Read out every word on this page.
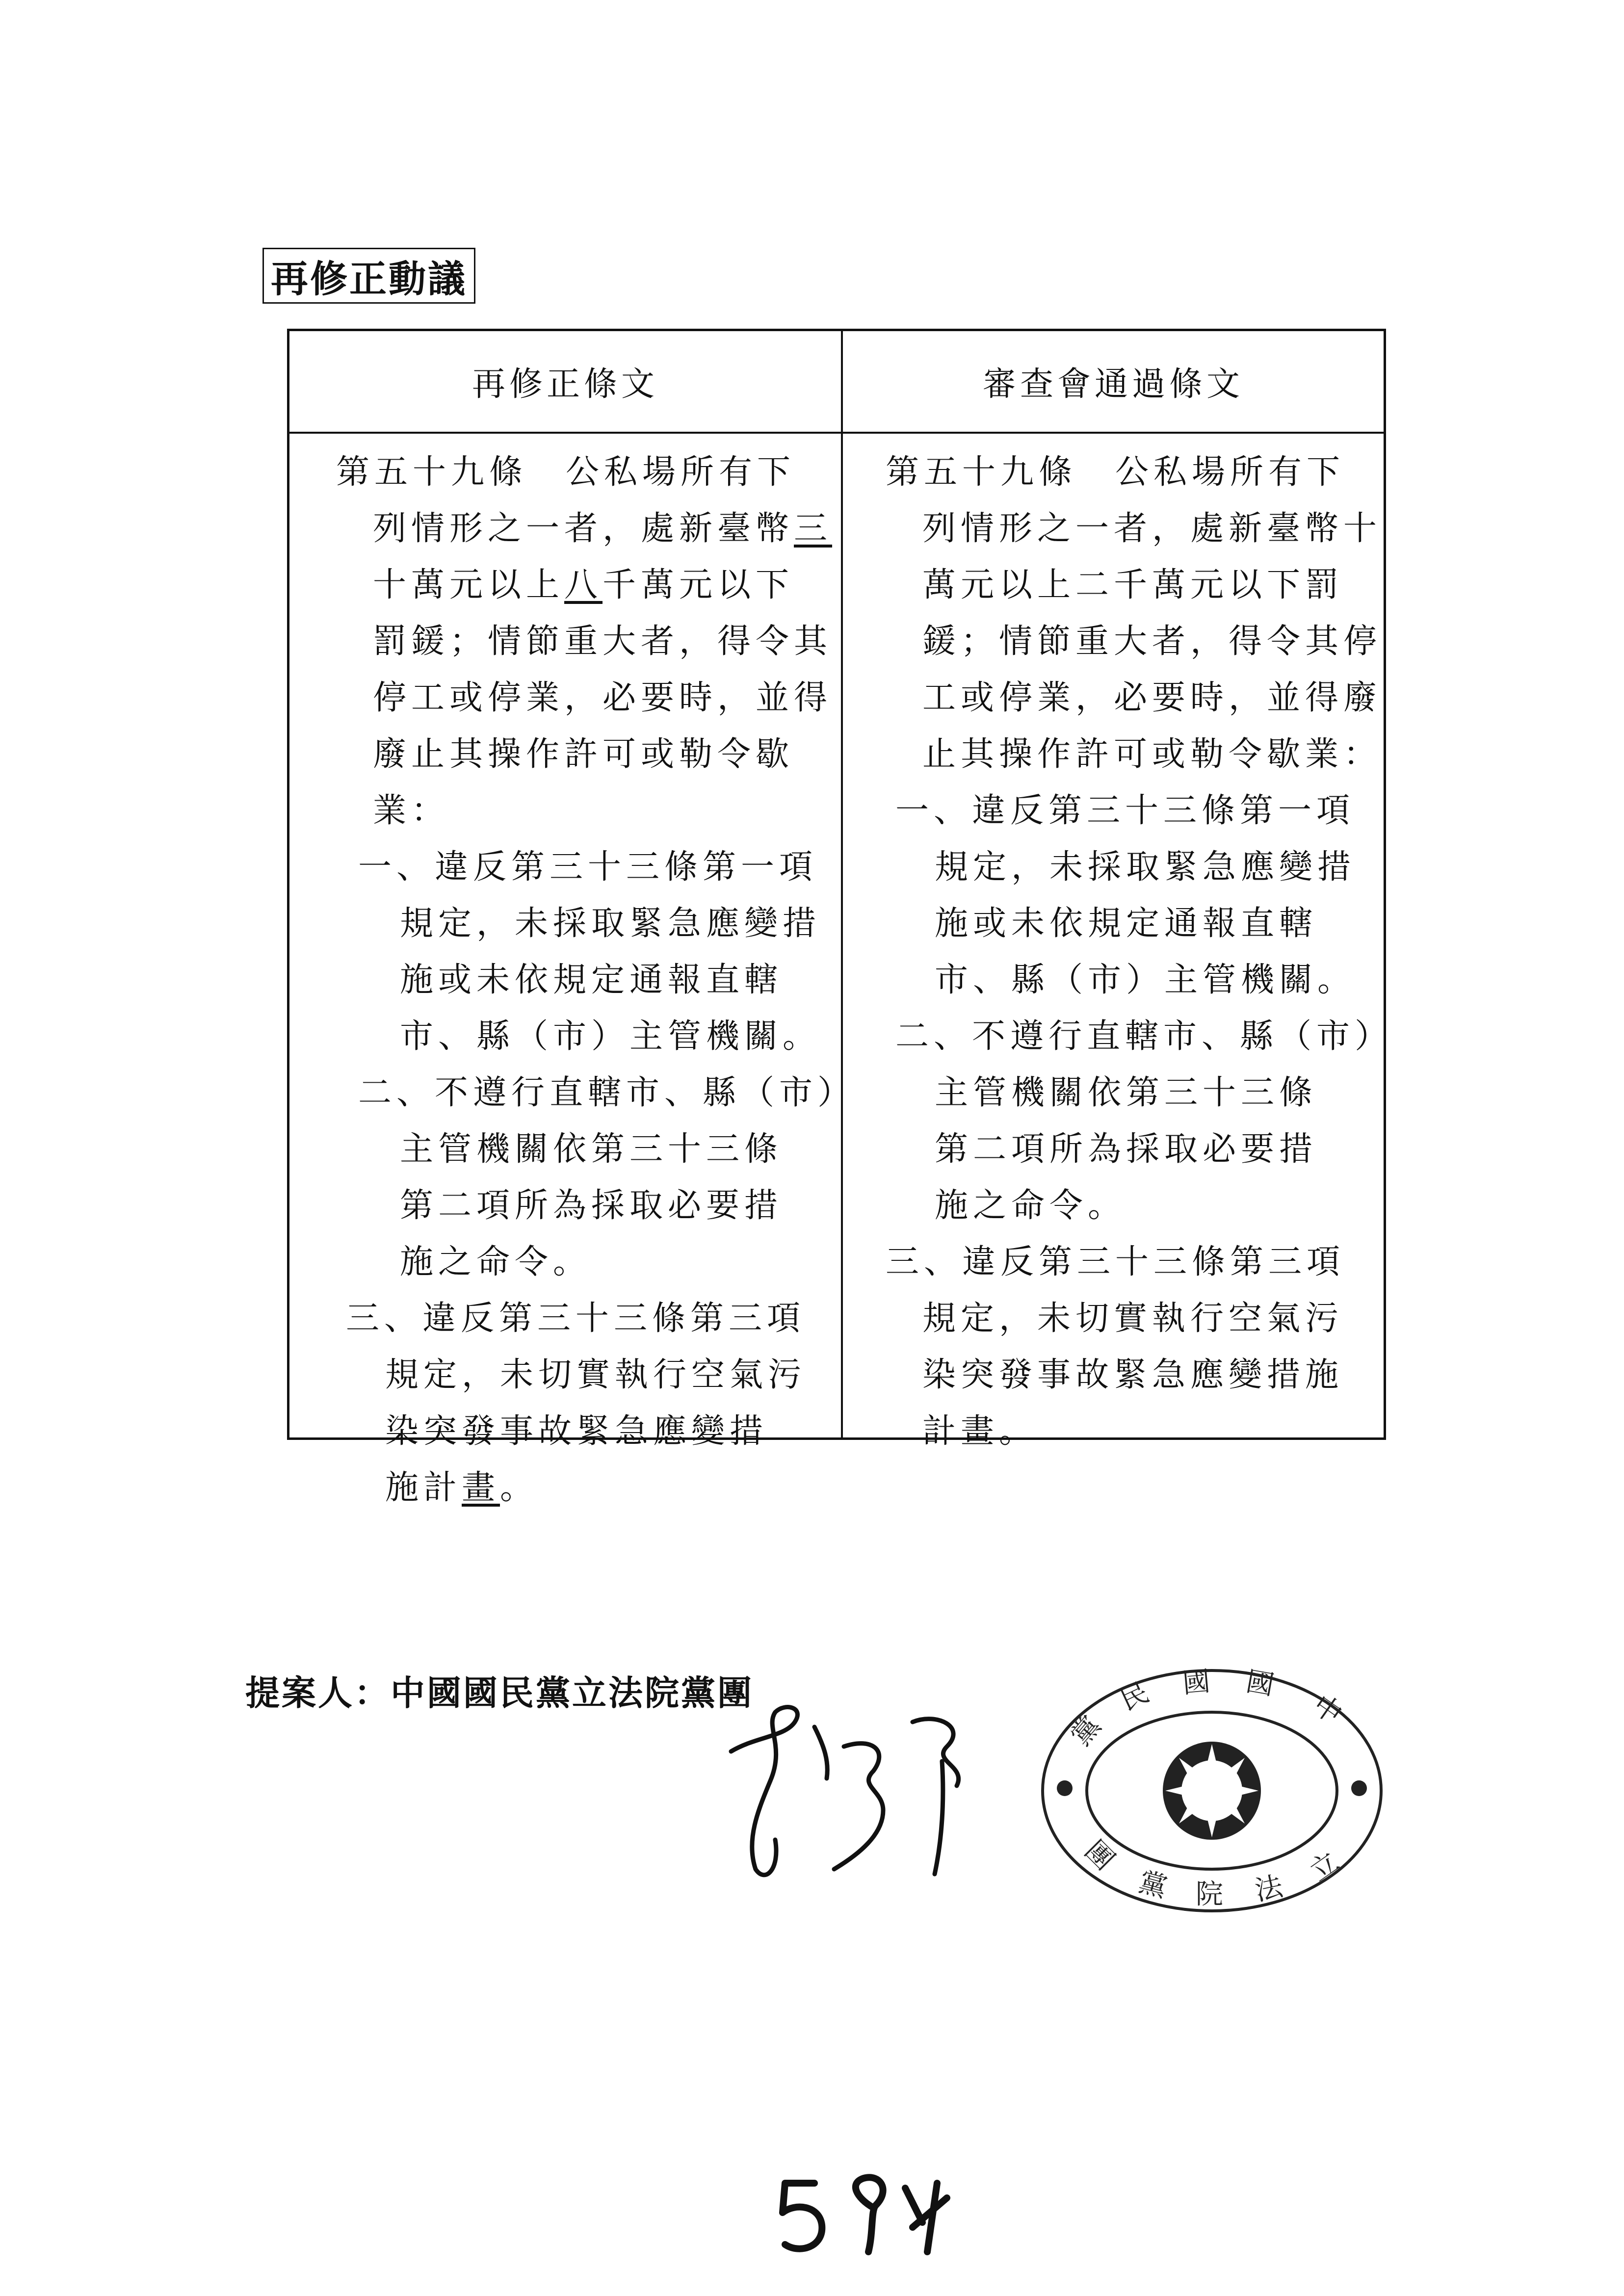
再修正動議
再修正條文	審查會通過條文
第五十九條　公私場所有下
列情形之一者，處新臺幣三
十萬元以上八千萬元以下
罰鍰；情節重大者，得令其
停工或停業，必要時，並得
廢止其操作許可或勒令歇
業：
一、違反第三十三條第一項
規定，未採取緊急應變措
施或未依規定通報直轄
市、縣（市）主管機關。
二、不遵行直轄市、縣（市）
主管機關依第三十三條
第二項所為採取必要措
施之命令。
三、違反第三十三條第三項
規定，未切實執行空氣污
染突發事故緊急應變措
施計畫。
第五十九條　公私場所有下
列情形之一者，處新臺幣十
萬元以上二千萬元以下罰
鍰；情節重大者，得令其停
工或停業，必要時，並得廢
止其操作許可或勒令歇業：
一、違反第三十三條第一項
規定，未採取緊急應變措
施或未依規定通報直轄
市、縣（市）主管機關。
二、不遵行直轄市、縣（市）
主管機關依第三十三條
第二項所為採取必要措
施之命令。
三、違反第三十三條第三項
規定，未切實執行空氣污
染突發事故緊急應變措施
計畫。
提案人：中國國民黨立法院黨團	中
國
國
民
黨
立
法
院
黨
團
